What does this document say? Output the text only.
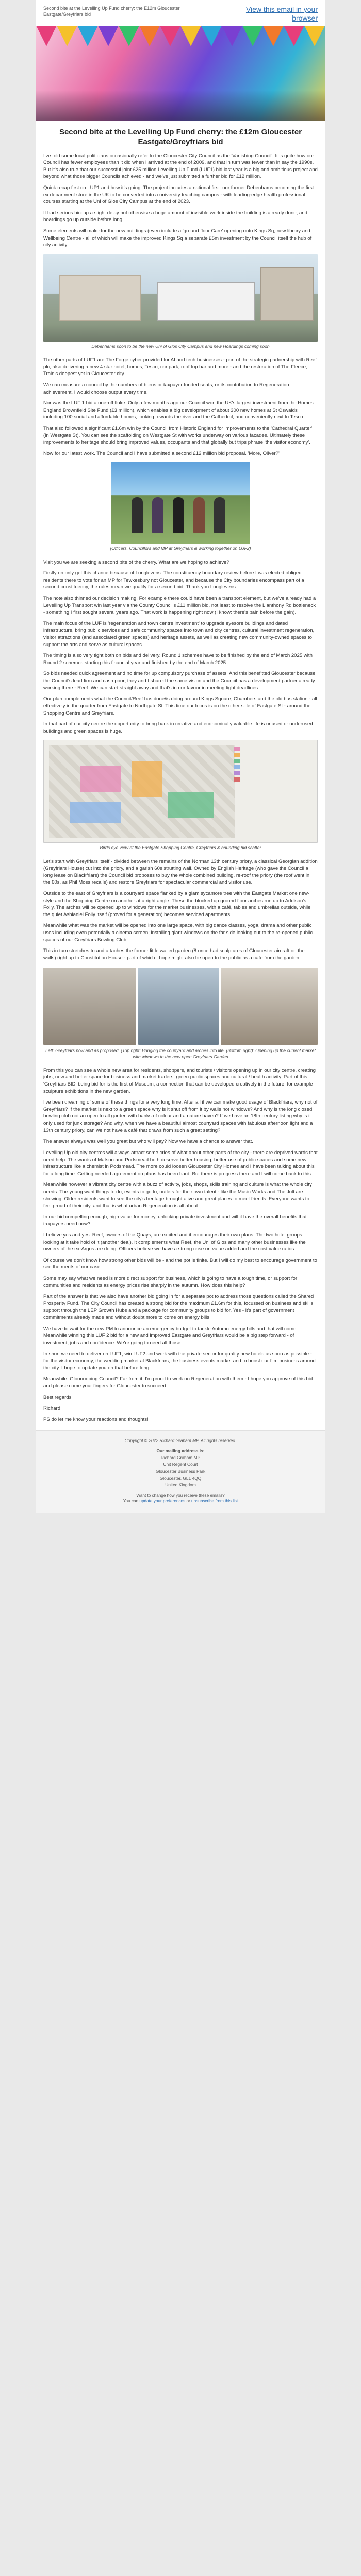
Second bite at the Levelling Up Fund cherry: the E12m Gloucester Eastgate/Greyfriars bid
View this email in your browser
Second bite at the Levelling Up Fund cherry: the £12m Gloucester Eastgate/Greyfriars bid

I've told some local politicians occasionally refer to the Gloucester City Council as the 'Vanishing Council'. It is quite how our Council has fewer employees than it did when I arrived at the end of 2009, and that in turn was fewer than in say the 1990s. But it's also true that our successful joint £25 million Levelling Up Fund (LUF1) bid last year is a big and ambitious project and beyond what those bigger Councils achieved - and we've just submitted a further bid for £12 million.

Quick recap first on LUP1 and how it's going. The project includes a national first: our former Debenhams becoming the first ex department store in the UK to be converted into a university teaching campus - with leading-edge health professional courses starting at the Uni of Glos City Campus at the end of 2023.

It had serious hiccup a slight delay but otherwise a huge amount of invisible work inside the building is already done, and hoardings go up outside before long.

Some elements will make for the new buildings (even include a 'ground floor Care' opening onto Kings Sq, new library and Wellbeing Centre - all of which will make the improved Kings Sq a separate £5m investment by the Council itself the hub of city activity.

Debenhams soon to be the new Uni of Glos City Campus and new Hoardings coming soon

The other parts of LUF1 are The Forge cyber provided for AI and tech businesses - part of the strategic partnership with Reef plc, also delivering a new 4 star hotel, homes, Tesco, car park, roof top bar and more - and the restoration of The Fleece, Train's deepest yet in Gloucester city.

We can measure a council by the numbers of burns or taxpayer funded seats, or its contribution to Regeneration achievement. I would choose output every time.

Nor was the LUF 1 bid a one-off fluke. Only a few months ago our Council won the UK's largest investment from the Homes England Brownfield Site Fund (£3 million), which enables a big development of about 300 new homes at St Oswalds including 100 social and affordable homes, looking towards the river and the Cathedral, and conveniently next to Tesco.

That also followed a significant £1.6m win by the Council from Historic England for improvements to the 'Cathedral Quarter' (in Westgate St). You can see the scaffolding on Westgate St with works underway on various facades. Ultimately these improvements to heritage should bring improved values, occupants and that globally but trips phrase 'the visitor economy'.

Now for our latest work. The Council and I have submitted a second £12 million bid proposal. 'More, Oliver?'

(Officers, Councillors and MP at Greyfriars & working together on LUF2)

Visit you we are seeking a second bite of the cherry. What are we hoping to achieve?

Firstly on only get this chance because of Longlevens. The constituency boundary review before I was elected obliged residents there to vote for an MP for Tewkesbury not Gloucester, and because the City boundaries encompass part of a second constituency, the rules mean we qualify for a second bid. Thank you Longlevens.

The note also thinned our decision making. For example there could have been a transport element, but we've already had a Levelling Up Transport win last year via the County Council's £11 million bid, not least to resolve the Llanthony Rd bottleneck - something I first sought several years ago. That work is happening right now (I know: there's pain before the gain).

The main focus of the LUF is 'regeneration and town centre investment' to upgrade eyesore buildings and dated infrastructure, bring public services and safe community spaces into town and city centres, cultural investment regeneration, visitor attractions (and associated green spaces) and heritage assets, as well as creating new community-owned spaces to support the arts and serve as cultural spaces.

The timing is also very tight both on bids and delivery. Round 1 schemes have to be finished by the end of March 2025 with Round 2 schemes starting this financial year and finished by the end of March 2025.

So bids needed quick agreement and no time for up compulsory purchase of assets. And this benefitted Gloucester because the Council's lead firm and cash poor; they and I shared the same vision and the Council has a development partner already working there - Reef. We can start straight away and that's in our favour in meeting tight deadlines.

Our plan complements what the Council/Reef has done/is doing around Kings Square, Chambers and the old bus station - all effectively in the quarter from Eastgate to Northgate St. This time our focus is on the other side of Eastgate St - around the Shopping Centre and Greyfriars.

In that part of our city centre the opportunity to bring back in creative and economically valuable life is unused or underused buildings and green spaces is huge.

Birds eye view of the Eastgate Shopping Centre, Greyfriars & bounding bid scatter

Let's start with Greyfriars itself - divided between the remains of the Norman 13th century priory, a classical Georgian addition (Greyfriars House) cut into the priory, and a garish 60s strutting wall. Owned by English Heritage (who gave the Council a long lease on Blackfriars) the Council bid proposes to buy the whole combined building, re-roof the priory (the roof went in the 60s, as Phil Moss recalls) and restore Greyfriars for spectacular commercial and visitor use.

Outside to the east of Greyfriars is a courtyard space flanked by a glam sycamore tree with the Eastgate Market one new-style and the Shopping Centre on another at a right angle. These the blocked up ground floor arches run up to Addison's Folly. The arches will be opened up to windows for the market businesses, with a café, tables and umbrellas outside, while the quiet Ashlaniei Folly itself (proved for a generation) becomes serviced apartments.

Meanwhile what was the market will be opened into one large space, with big dance classes, yoga, drama and other public uses including even potentially a cinema screen; installing giant windows on the far side looking out to the re-opened public spaces of our Greyfriars Bowling Club.

This in turn stretches to and attaches the former little walled garden (8 once had sculptures of Gloucester aircraft on the walls) right up to Constitution House - part of which I hope might also be open to the public as a cafe from the garden.

Left: Greyfriars now and as proposed. (Top right: Bringing the courtyard and arches into life. (Bottom right): Opening up the current market with windows to the new open Greyfriars Garden

From this you can see a whole new area for residents, shoppers, and tourists / visitors opening up in our city centre, creating jobs, new and better space for business and market traders, green public spaces and cultural / health activity. Part of this 'Greyfriars BID' being bid for is the first of Museum, a connection that can be developed creatively in the future: for example sculpture exhibitions in the new garden.

I've been dreaming of some of these things for a very long time. After all if we can make good usage of Blackfriars, why not of Greyfriars? If the market is next to a green space why is it shut off from it by walls not windows? And why is the long closed bowling club not an open to all garden with banks of colour and a nature haven? If we have an 18th century listing why is it only used for junk storage? And why, when we have a beautiful almost courtyard spaces with fabulous afternoon light and a 13th century priory, can we not have a café that draws from such a great setting?

The answer always was well you great but who will pay? Now we have a chance to answer that.

Levelling Up old city centres will always attract some cries of what about other parts of the city - there are deprived wards that need help. The wards of Matson and Podsmead both deserve better housing, better use of public spaces and some new infrastructure like a chemist in Podsmead. The more could loosen Gloucester City Homes and I have been talking about this for a long time. Getting needed agreement on plans has been hard. But there is progress there and I will come back to this.

Meanwhile however a vibrant city centre with a buzz of activity, jobs, shops, skills training and culture is what the whole city needs. The young want things to do, events to go to, outlets for their own talent - like the Music Works and The Jolt are showing. Older residents want to see the city's heritage brought alive and great places to meet friends. Everyone wants to feel proud of their city, and that is what urban Regeneration is all about.

In our bid compelling enough, high value for money, unlocking private investment and will it have the overall benefits that taxpayers need now?

I believe yes and yes. Reef, owners of the Quays, are excited and it encourages their own plans. The two hotel groups looking at it take hold of it (another deal). It complements what Reef, the Uni of Glos and many other businesses like the owners of the ex-Argos are doing. Officers believe we have a strong case on value added and the cost value ratios.

Of course we don't know how strong other bids will be - and the pot is finite. But I will do my best to encourage government to see the merits of our case.

Some may say what we need is more direct support for business, which is going to have a tough time, or support for communities and residents as energy prices rise sharply in the autumn. How does this help?

Part of the answer is that we also have another bid going in for a separate pot to address those questions called the Shared Prosperity Fund. The City Council has created a strong bid for the maximum £1.6m for this, focussed on business and skills support through the LEP Growth Hubs and a package for community groups to bid for. Yes - it's part of government commitments already made and without doubt more to come on energy bills.

We have to wait for the new PM to announce an emergency budget to tackle Autumn energy bills and that will come. Meanwhile winning this LUF 2 bid for a new and improved Eastgate and Greyfriars would be a big step forward - of investment, jobs and confidence. We're going to need all those.

In short we need to deliver on LUF1, win LUF2 and work with the private sector for quality new hotels as soon as possible - for the visitor economy, the wedding market at Blackfriars, the business events market and to boost our film business around the city. I hope to update you on that before long.

Meanwhile: Gloooooping Council? Far from it. I'm proud to work on Regeneration with them - I hope you approve of this bid: and please come your fingers for Gloucester to succeed.

Best regards

Richard

PS do let me know your reactions and thoughts!

Copyright © 2022 Richard Graham MP, All rights reserved.

Our mailing address is:

Richard Graham MP

Unit Regent Court

Gloucester Business Park

Gloucester, GL1 4QQ

United Kingdom

Want to change how you receive these emails?
You can update your preferences or unsubscribe from this list
